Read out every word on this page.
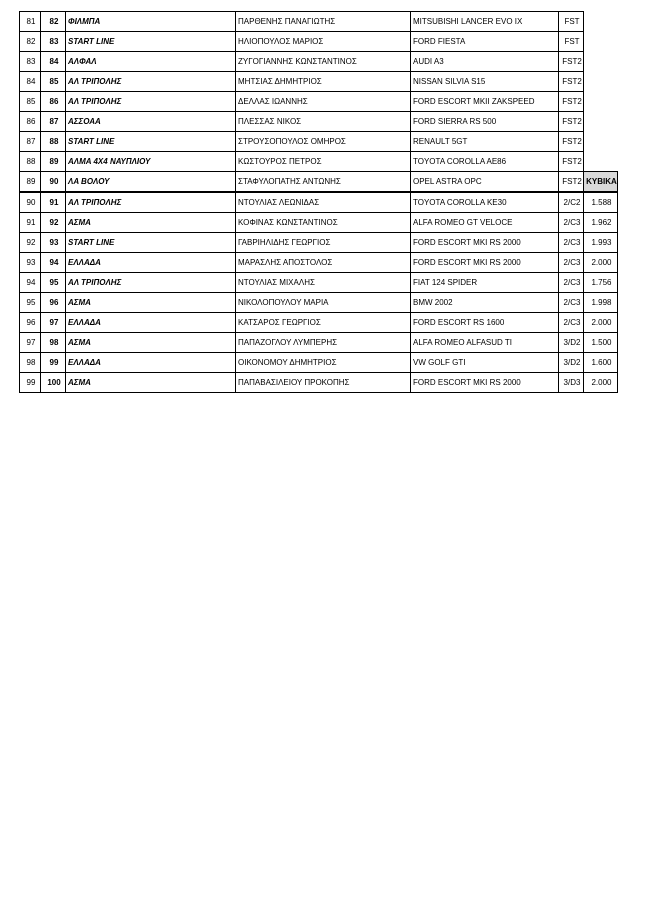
81	82	ΦΙΛΜΠΑ	ΠΑΡΘΕΝΗΣ ΠΑΝΑΓΙΩΤΗΣ	MITSUBISHI LANCER EVO IX	FST	
82	83	START LINE	ΗΛΙΟΠΟΥΛΟΣ ΜΑΡΙΟΣ	FORD FIESTA	FST	
83	84	ΑΛΦΑΛ	ΖΥΓΟΓΙΑΝΝΗΣ ΚΩΝΣΤΑΝΤΙΝΟΣ	AUDI A3	FST2	
84	85	ΑΛ ΤΡΙΠΟΛΗΣ	ΜΗΤΣΙΑΣ ΔΗΜΗΤΡΙΟΣ	NISSAN SILVIA S15	FST2	
85	86	ΑΛ ΤΡΙΠΟΛΗΣ	ΔΕΛΛΑΣ ΙΩΑΝΝΗΣ	FORD ESCORT MKII ZAKSPEED	FST2	
86	87	ΑΣΣΟΑΑ	ΠΛΕΣΣΑΣ ΝΙΚΟΣ	FORD SIERRA RS 500	FST2	
87	88	START LINE	ΣΤΡΟΥΣΟΠΟΥΛΟΣ ΟΜΗΡΟΣ	RENAULT 5GT	FST2	
88	89	ΑΛΜΑ 4Χ4 ΝΑΥΠΛΙΟΥ	ΚΩΣΤΟΥΡΟΣ ΠΕΤΡΟΣ	TOYOTA COROLLA AE86	FST2	
89	90	ΛΑ ΒΟΛΟΥ	ΣΤΑΦΥΛΟΠΑΤΗΣ ΑΝΤΩΝΗΣ	OPEL ASTRA OPC	FST2	ΚΥΒΙΚΑ
90	91	ΑΛ ΤΡΙΠΟΛΗΣ	ΝΤΟΥΛΙΑΣ ΛΕΩΝΙΔΑΣ	TOYOTA COROLLA KE30	2/C2	1.588
91	92	ΑΣΜΑ	ΚΟΦΙΝΑΣ ΚΩΝΣΤΑΝΤΙΝΟΣ	ALFA ROMEO GT VELOCE	2/C3	1.962
92	93	START LINE	ΓΑΒΡΙΗΛΙΔΗΣ ΓΕΩΡΓΙΟΣ	FORD ESCORT MKI RS 2000	2/C3	1.993
93	94	ΕΛΛΑΔΑ	ΜΑΡΑΣΛΗΣ ΑΠΟΣΤΟΛΟΣ	FORD ESCORT MKI RS 2000	2/C3	2.000
94	95	ΑΛ ΤΡΙΠΟΛΗΣ	ΝΤΟΥΛΙΑΣ ΜΙΧΑΛΗΣ	FIAT 124 SPIDER	2/C3	1.756
95	96	ΑΣΜΑ	ΝΙΚΟΛΟΠΟΥΛΟΥ ΜΑΡΙΑ	BMW 2002	2/C3	1.998
96	97	ΕΛΛΑΔΑ	ΚΑΤΣΑΡΟΣ ΓΕΩΡΓΙΟΣ	FORD ESCORT RS 1600	2/C3	2.000
97	98	ΑΣΜΑ	ΠΑΠΑΖΟΓΛΟΥ ΛΥΜΠΕΡΗΣ	ALFA ROMEO ALFASUD TI	3/D2	1.500
98	99	ΕΛΛΑΔΑ	ΟΙΚΟΝΟΜΟΥ ΔΗΜΗΤΡΙΟΣ	VW GOLF GTI	3/D2	1.600
99	100	ΑΣΜΑ	ΠΑΠΑΒΑΣΙΛΕΙΟΥ ΠΡΟΚΟΠΗΣ	FORD ESCORT MKI RS 2000	3/D3	2.000
